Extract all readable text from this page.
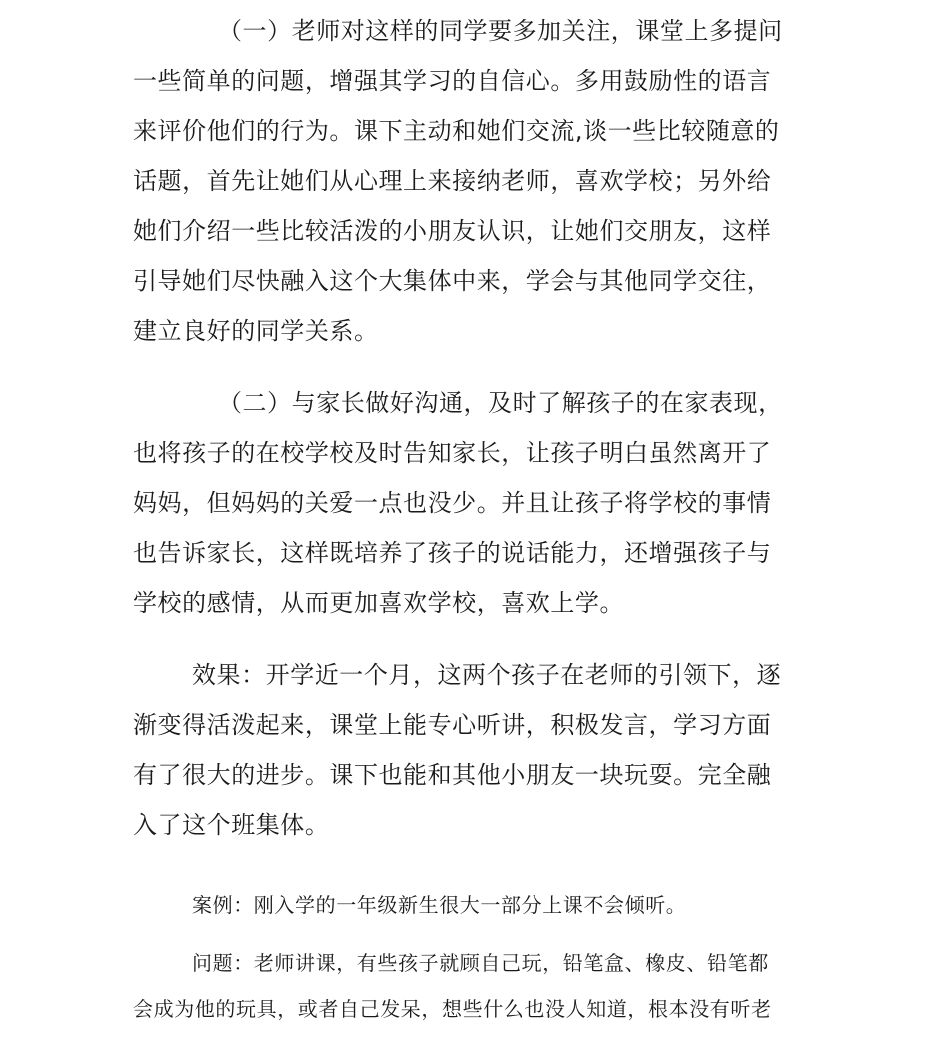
（一）老师对这样的同学要多加关注，课堂上多提问
一些简单的问题，增强其学习的自信心。多用鼓励性的语言
来评价他们的行为。课下主动和她们交流,谈一些比较随意的
话题，首先让她们从心理上来接纳老师，喜欢学校；另外给
她们介绍一些比较活泼的小朋友认识，让她们交朋友，这样
引导她们尽快融入这个大集体中来，学会与其他同学交往，
建立良好的同学关系。
（二）与家长做好沟通，及时了解孩子的在家表现，
也将孩子的在校学校及时告知家长，让孩子明白虽然离开了
妈妈，但妈妈的关爱一点也没少。并且让孩子将学校的事情
也告诉家长，这样既培养了孩子的说话能力，还增强孩子与
学校的感情，从而更加喜欢学校，喜欢上学。
效果：开学近一个月，这两个孩子在老师的引领下，逐
渐变得活泼起来，课堂上能专心听讲，积极发言，学习方面
有了很大的进步。课下也能和其他小朋友一块玩耍。完全融
入了这个班集体。
案例：刚入学的一年级新生很大一部分上课不会倾听。
问题：老师讲课，有些孩子就顾自己玩，铅笔盒、橡皮、铅笔都
会成为他的玩具，或者自己发呆，想些什么也没人知道，根本没有听老
